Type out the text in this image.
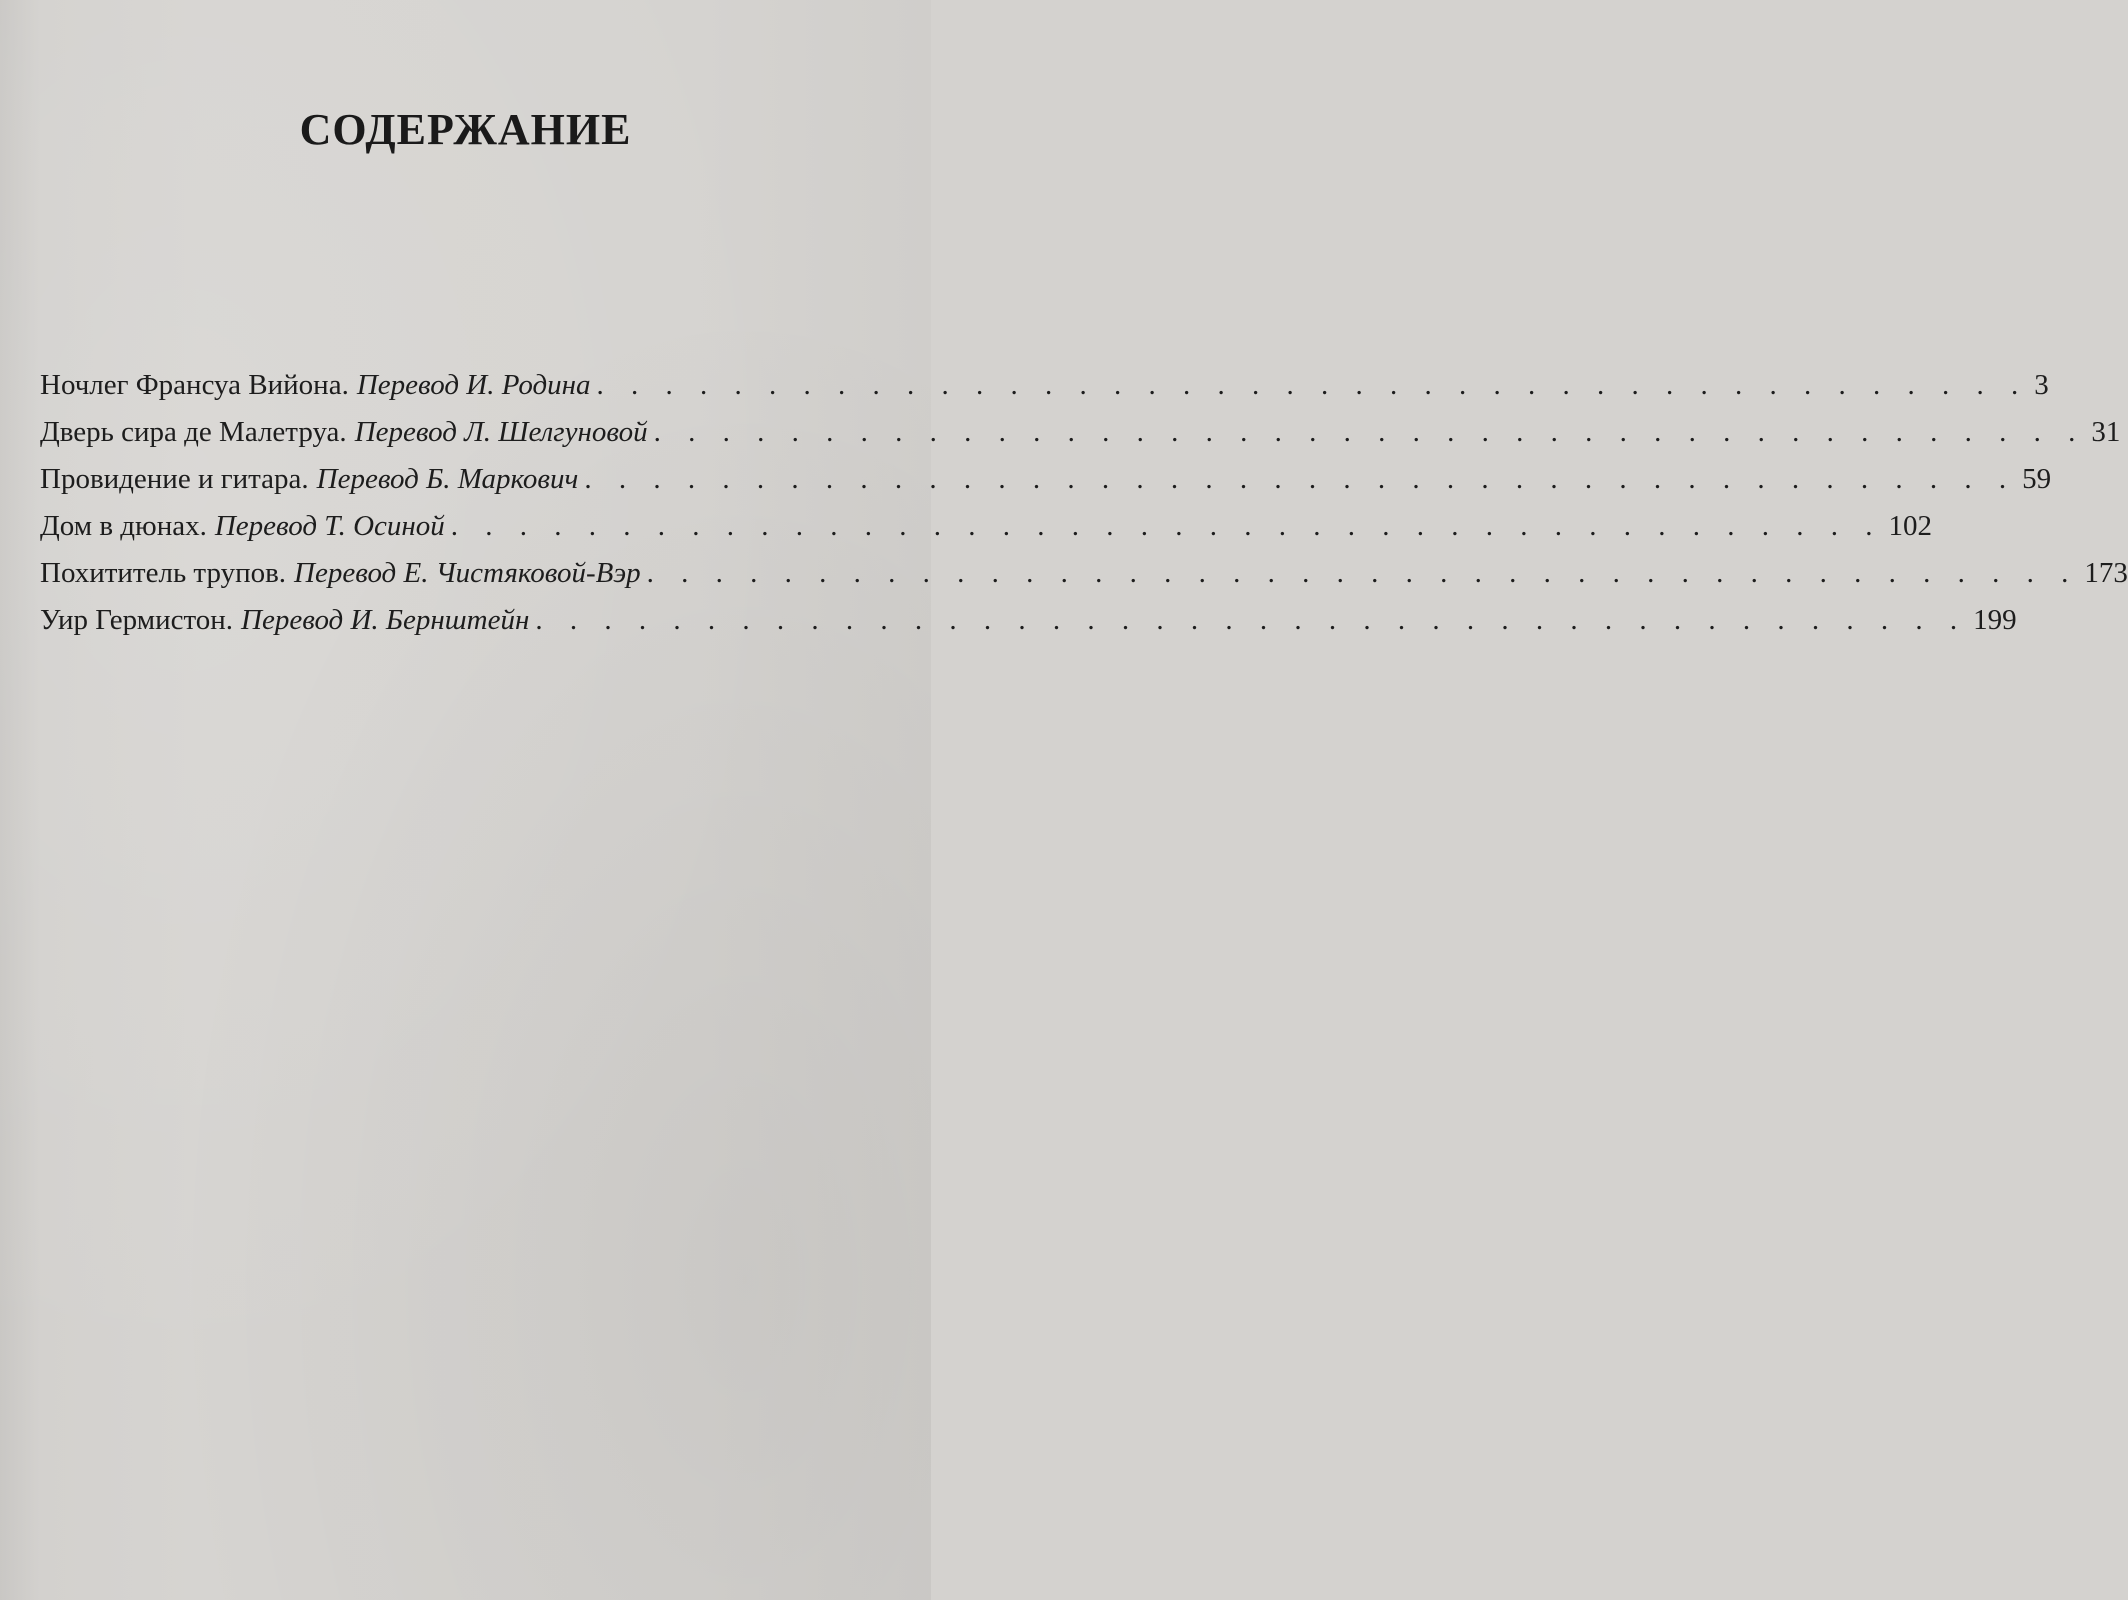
СОДЕРЖАНИЕ
Ночлег Франсуа Вийона. Перевод И. Родина . . . . . . . . . . . . . . . . . . . . . . . . . . . . . . . . . . . . . . . . . . 3
Дверь сира де Малетруа. Перевод Л. Шелгуновой . . . . . . . . . . . . . . . . . . . . . . . . . . . . . . . . . . . . . . . . . . 31
Провидение и гитара. Перевод Б. Маркович . . . . . . . . . . . . . . . . . . . . . . . . . . . . . . . . . . . . . . . . . . 59
Дом в дюнах. Перевод Т. Осиной . . . . . . . . . . . . . . . . . . . . . . . . . . . . . . . . . . . . . . . . . . 102
Похититель трупов. Перевод Е. Чистяковой-Вэр . . . . . . . . . . . . . . . . . . . . . . . . . . . . . . . . . . . . . . . . . . 173
Уир Гермистон. Перевод И. Бернштейн . . . . . . . . . . . . . . . . . . . . . . . . . . . . . . . . . . . . . . . . . . 199
